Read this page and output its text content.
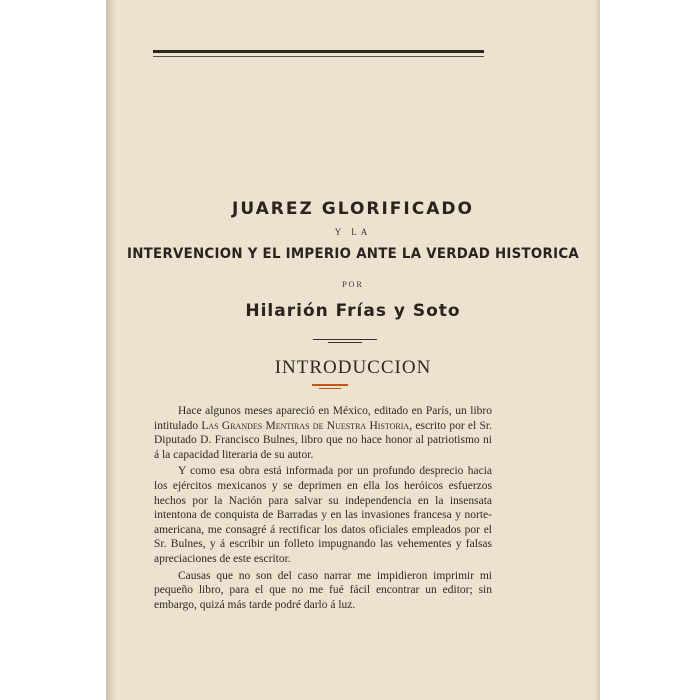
JUAREZ GLORIFICADO
Y LA
INTERVENCION Y EL IMPERIO ANTE LA VERDAD HISTORICA
POR
Hilarión Frías y Soto
INTRODUCCION

Hace algunos meses apareció en México, editado en París, un libro intitulado Las Grandes Mentiras de Nuestra Historia, escrito por el Sr. Diputado D. Francisco Bulnes, libro que no hace honor al patriotismo ni á la capacidad literaria de su autor.

Y como esa obra está informada por un profundo desprecio hacia los ejércitos mexicanos y se deprimen en ella los heróicos esfuerzos hechos por la Nación para salvar su independencia en la insensata intentona de conquista de Barradas y en las invasiones francesa y norte-americana, me consagré á rectificar los datos oficiales empleados por el Sr. Bulnes, y á escribir un folleto impugnando las vehementes y falsas apreciaciones de este escritor.

Causas que no son del caso narrar me impidieron imprimir mi pequeño libro, para el que no me fué fácil encontrar un editor; sin embargo, quizá más tarde podré darlo á luz.
